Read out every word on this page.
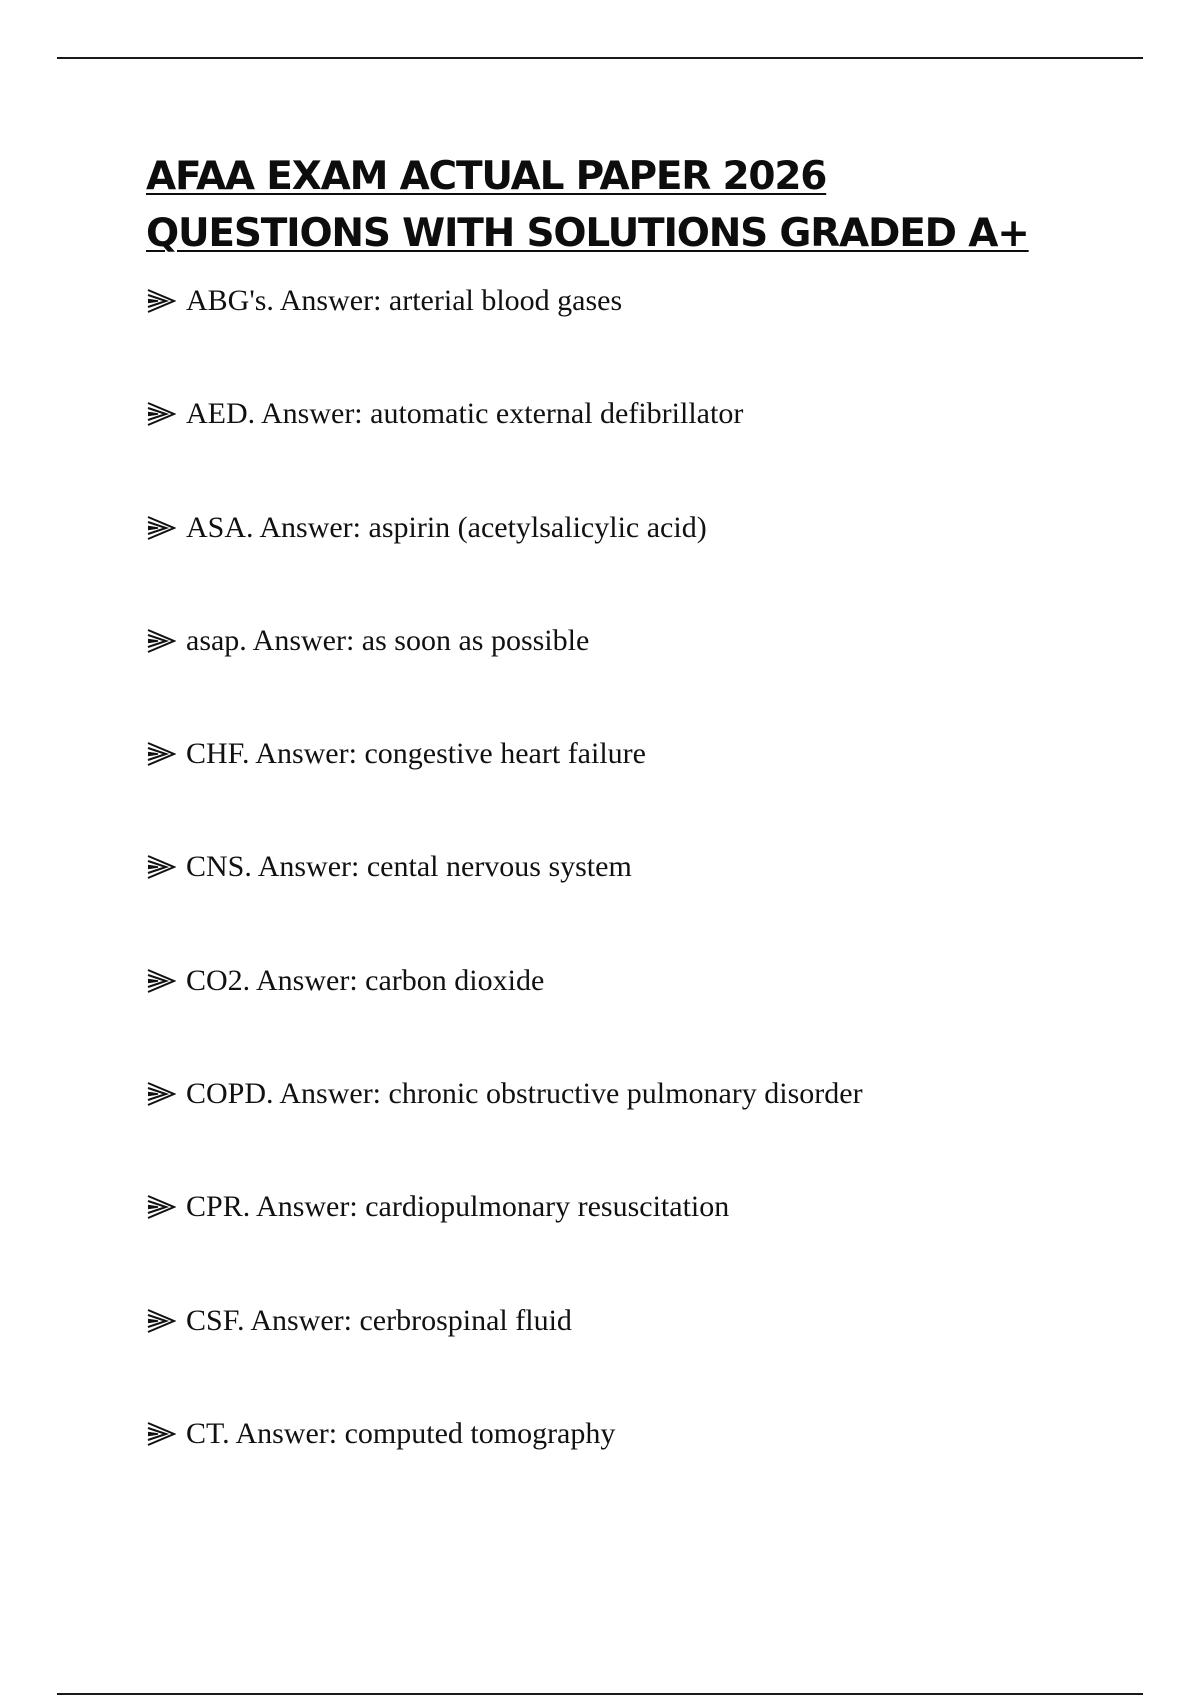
AFAA EXAM ACTUAL PAPER 2026
QUESTIONS WITH SOLUTIONS GRADED A+
ABG's. Answer: arterial blood gases
AED. Answer: automatic external defibrillator
ASA. Answer: aspirin (acetylsalicylic acid)
asap. Answer: as soon as possible
CHF. Answer: congestive heart failure
CNS. Answer: cental nervous system
CO2. Answer: carbon dioxide
COPD. Answer: chronic obstructive pulmonary disorder
CPR. Answer: cardiopulmonary resuscitation
CSF. Answer: cerbrospinal fluid
CT. Answer: computed tomography
